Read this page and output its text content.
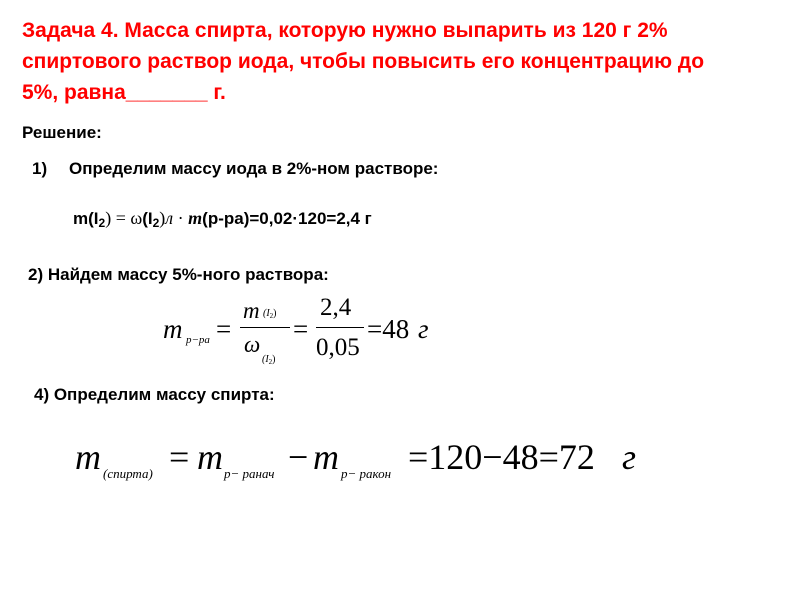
Задача 4. Масса спирта, которую нужно выпарить из 120 г 2%
спиртового раствор иода, чтобы повысить его концентрацию до
5%, равна_______ г.
Решение:
1) Определим массу иода в 2%-ном растворе:
m(I2) = ω(I2)л · m(р-ра)=0,02·120=2,4 г
2) Найдем массу 5%-ного раствора:
m р−ра =
m $(I_2)$
ω
$(I_2)$
=
2,4
0,05
=48 г
4) Определим массу спирта:
m (спирта) = m р− ранач − m р− ракон =120−48=72 г
